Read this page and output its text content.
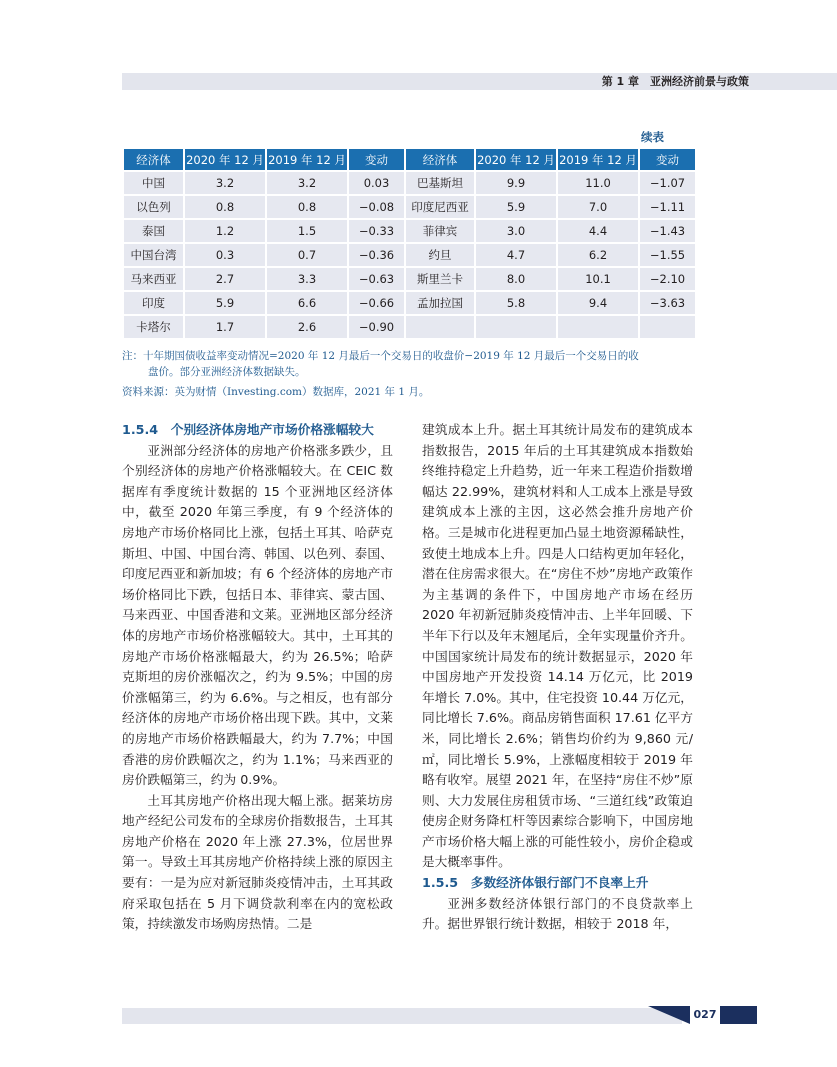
第 1 章　亚洲经济前景与政策
续表
经济体	2020 年 12 月	2019 年 12 月	变动	经济体	2020 年 12 月	2019 年 12 月	变动
中国	3.2	3.2	0.03	巴基斯坦	9.9	11.0	−1.07
以色列	0.8	0.8	−0.08	印度尼西亚	5.9	7.0	−1.11
泰国	1.2	1.5	−0.33	菲律宾	3.0	4.4	−1.43
中国台湾	0.3	0.7	−0.36	约旦	4.7	6.2	−1.55
马来西亚	2.7	3.3	−0.63	斯里兰卡	8.0	10.1	−2.10
印度	5.9	6.6	−0.66	孟加拉国	5.8	9.4	−3.63
卡塔尔	1.7	2.6	−0.90				
注：十年期国债收益率变动情况=2020 年 12 月最后一个交易日的收盘价−2019 年 12 月最后一个交易日的收
盘价。部分亚洲经济体数据缺失。
资料来源：英为财情（Investing.com）数据库，2021 年 1 月。

1.5.4　个别经济体房地产市场价格涨幅较大

亚洲部分经济体的房地产价格涨多跌少，且个别经济体的房地产价格涨幅较大。在 CEIC 数据库有季度统计数据的 15 个亚洲地区经济体中，截至 2020 年第三季度，有 9 个经济体的房地产市场价格同比上涨，包括土耳其、哈萨克斯坦、中国、中国台湾、韩国、以色列、泰国、印度尼西亚和新加坡；有 6 个经济体的房地产市场价格同比下跌，包括日本、菲律宾、蒙古国、马来西亚、中国香港和文莱。亚洲地区部分经济体的房地产市场价格涨幅较大。其中，土耳其的房地产市场价格涨幅最大，约为 26.5%；哈萨克斯坦的房价涨幅次之，约为 9.5%；中国的房价涨幅第三，约为 6.6%。与之相反，也有部分经济体的房地产市场价格出现下跌。其中，文莱的房地产市场价格跌幅最大，约为 7.7%；中国香港的房价跌幅次之，约为 1.1%；马来西亚的房价跌幅第三，约为 0.9%。

土耳其房地产价格出现大幅上涨。据莱坊房地产经纪公司发布的全球房价指数报告，土耳其房地产价格在 2020 年上涨 27.3%，位居世界第一。导致土耳其房地产价格持续上涨的原因主要有：一是为应对新冠肺炎疫情冲击，土耳其政府采取包括在 5 月下调贷款利率在内的宽松政策，持续激发市场购房热情。二是

建筑成本上升。据土耳其统计局发布的建筑成本指数报告，2015 年后的土耳其建筑成本指数始终维持稳定上升趋势，近一年来工程造价指数增幅达 22.99%，建筑材料和人工成本上涨是导致建筑成本上涨的主因，这必然会推升房地产价格。三是城市化进程更加凸显土地资源稀缺性，致使土地成本上升。四是人口结构更加年轻化，潜在住房需求很大。在“房住不炒”房地产政策作为主基调的条件下，中国房地产市场在经历 2020 年初新冠肺炎疫情冲击、上半年回暖、下半年下行以及年末翘尾后，全年实现量价齐升。中国国家统计局发布的统计数据显示，2020 年中国房地产开发投资 14.14 万亿元，比 2019 年增长 7.0%。其中，住宅投资 10.44 万亿元，同比增长 7.6%。商品房销售面积 17.61 亿平方米，同比增长 2.6%；销售均价约为 9,860 元/㎡，同比增长 5.9%，上涨幅度相较于 2019 年略有收窄。展望 2021 年，在坚持“房住不炒”原则、大力发展住房租赁市场、“三道红线”政策迫使房企财务降杠杆等因素综合影响下，中国房地产市场价格大幅上涨的可能性较小，房价企稳或是大概率事件。

1.5.5　多数经济体银行部门不良率上升

亚洲多数经济体银行部门的不良贷款率上升。据世界银行统计数据，相较于 2018 年，

027
